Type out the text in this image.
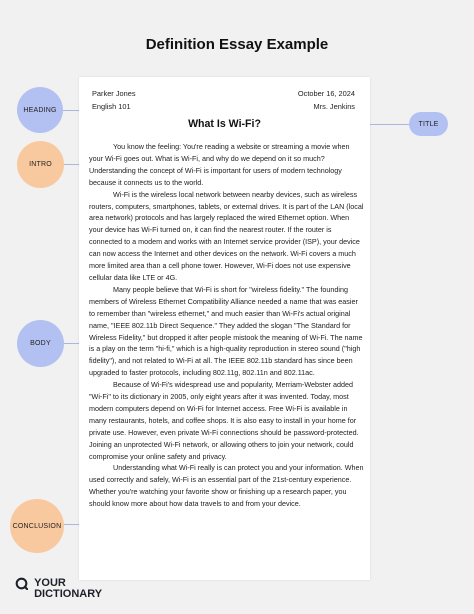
Definition Essay Example
Parker Jones
English 101
October 16, 2024
Mrs. Jenkins
What Is Wi-Fi?

You know the feeling: You're reading a website or streaming a movie when your Wi-Fi goes out. What is Wi-Fi, and why do we depend on it so much? Understanding the concept of Wi-Fi is important for users of modern technology because it connects us to the world.

Wi-Fi is the wireless local network between nearby devices, such as wireless routers, computers, smartphones, tablets, or external drives. It is part of the LAN (local area network) protocols and has largely replaced the wired Ethernet option. When your device has Wi-Fi turned on, it can find the nearest router. If the router is connected to a modem and works with an Internet service provider (ISP), your device can now access the Internet and other devices on the network. Wi-Fi covers a much more limited area than a cell phone tower. However, Wi-Fi does not use expensive cellular data like LTE or 4G.

Many people believe that Wi-Fi is short for "wireless fidelity." The founding members of Wireless Ethernet Compatibility Alliance needed a name that was easier to remember than "wireless ethernet," and much easier than Wi-Fi's actual original name, "IEEE 802.11b Direct Sequence." They added the slogan "The Standard for Wireless Fidelity," but dropped it after people mistook the meaning of Wi-Fi. The name is a play on the term "hi-fi," which is a high-quality reproduction in stereo sound ("high fidelity"), and not related to Wi-Fi at all. The IEEE 802.11b standard has since been upgraded to faster protocols, including 802.11g, 802.11n and 802.11ac.

Because of Wi-Fi's widespread use and popularity, Merriam-Webster added "Wi-Fi" to its dictionary in 2005, only eight years after it was invented. Today, most modern computers depend on Wi-Fi for Internet access. Free Wi-Fi is available in many restaurants, hotels, and coffee shops. It is also easy to install in your home for private use. However, even private Wi-Fi connections should be password-protected. Joining an unprotected Wi-Fi network, or allowing others to join your network, could compromise your online safety and privacy.

Understanding what Wi-Fi really is can protect you and your information. When used correctly and safely, Wi-Fi is an essential part of the 21st-century experience. Whether you're watching your favorite show or finishing up a research paper, you should know more about how data travels to and from your device.

HEADING
TITLE
INTRO
BODY
CONCLUSION

YOUR
DICTIONARY
